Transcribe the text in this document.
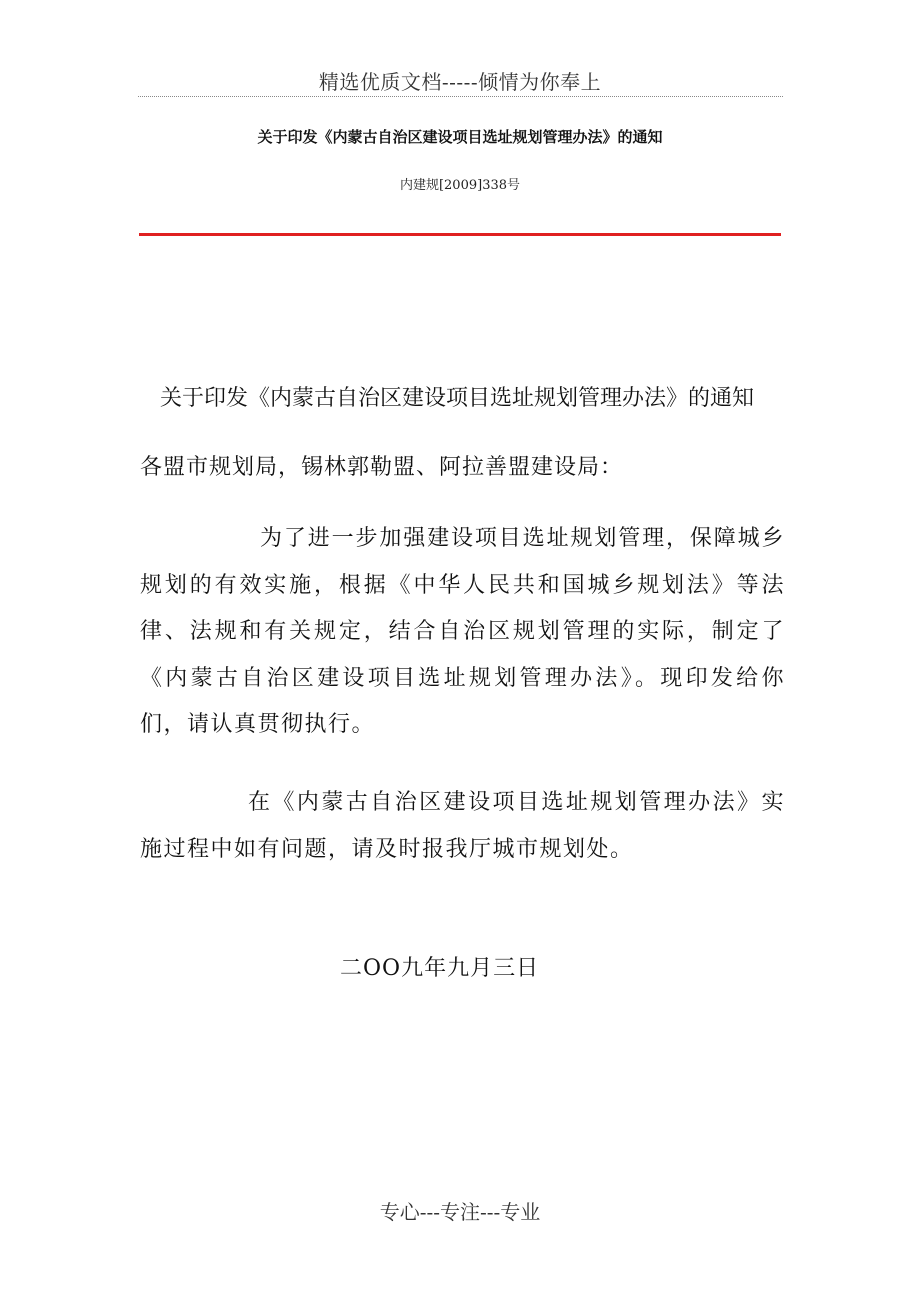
精选优质文档-----倾情为你奉上
关于印发《内蒙古自治区建设项目选址规划管理办法》的通知
内建规[2009]338号
关于印发《内蒙古自治区建设项目选址规划管理办法》的通知
各盟市规划局，锡林郭勒盟、阿拉善盟建设局：
为了进一步加强建设项目选址规划管理，保障城乡规划的有效实施，根据《中华人民共和国城乡规划法》等法律、法规和有关规定，结合自治区规划管理的实际，制定了《内蒙古自治区建设项目选址规划管理办法》。现印发给你们，请认真贯彻执行。
在《内蒙古自治区建设项目选址规划管理办法》实施过程中如有问题，请及时报我厅城市规划处。
二OO九年九月三日
专心---专注---专业
